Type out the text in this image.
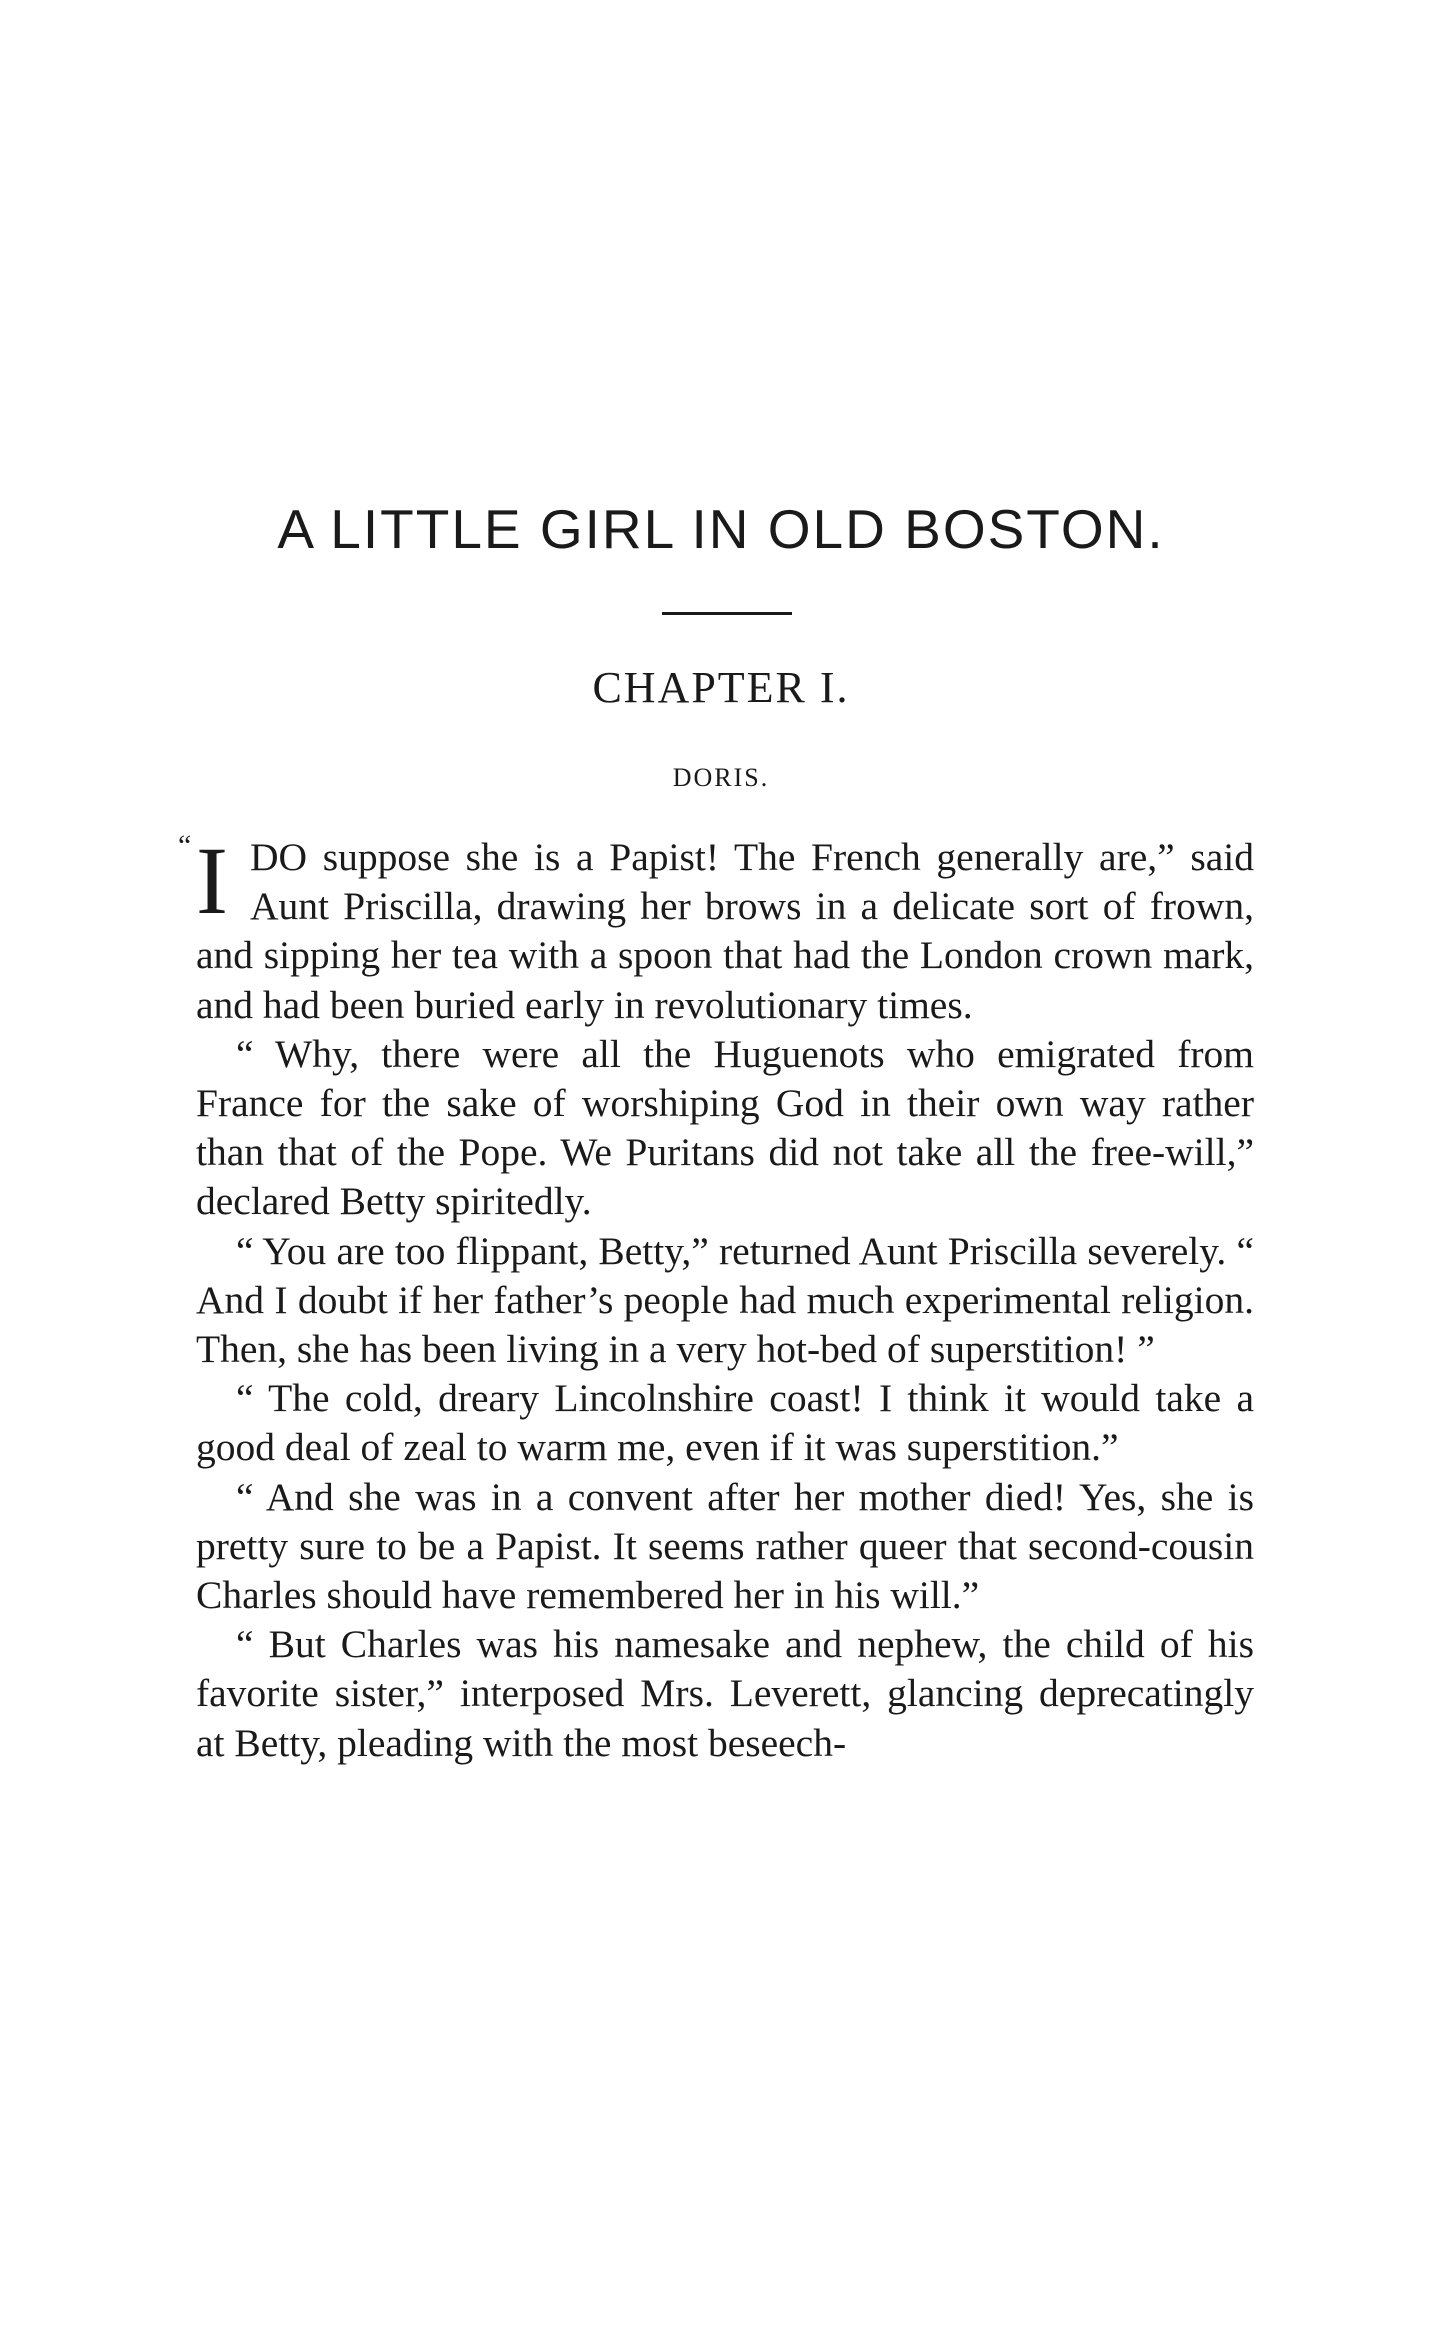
A LITTLE GIRL IN OLD BOSTON.
CHAPTER I.
DORIS.
“ IDO suppose she is a Papist! The French generally are,” said Aunt Priscilla, drawing her brows in a delicate sort of frown, and sipping her tea with a spoon that had the London crown mark, and had been buried early in revolutionary times.

“ Why, there were all the Huguenots who emigrated from France for the sake of worshiping God in their own way rather than that of the Pope. We Puritans did not take all the free-will,” declared Betty spiritedly.

“ You are too flippant, Betty,” returned Aunt Priscilla severely. “ And I doubt if her father’s people had much experimental religion. Then, she has been living in a very hot-bed of superstition! ”

“ The cold, dreary Lincolnshire coast! I think it would take a good deal of zeal to warm me, even if it was superstition.”

“ And she was in a convent after her mother died! Yes, she is pretty sure to be a Papist. It seems rather queer that second-cousin Charles should have remembered her in his will.”

“ But Charles was his namesake and nephew, the child of his favorite sister,” interposed Mrs. Leverett, glancing deprecatingly at Betty, pleading with the most beseech-
